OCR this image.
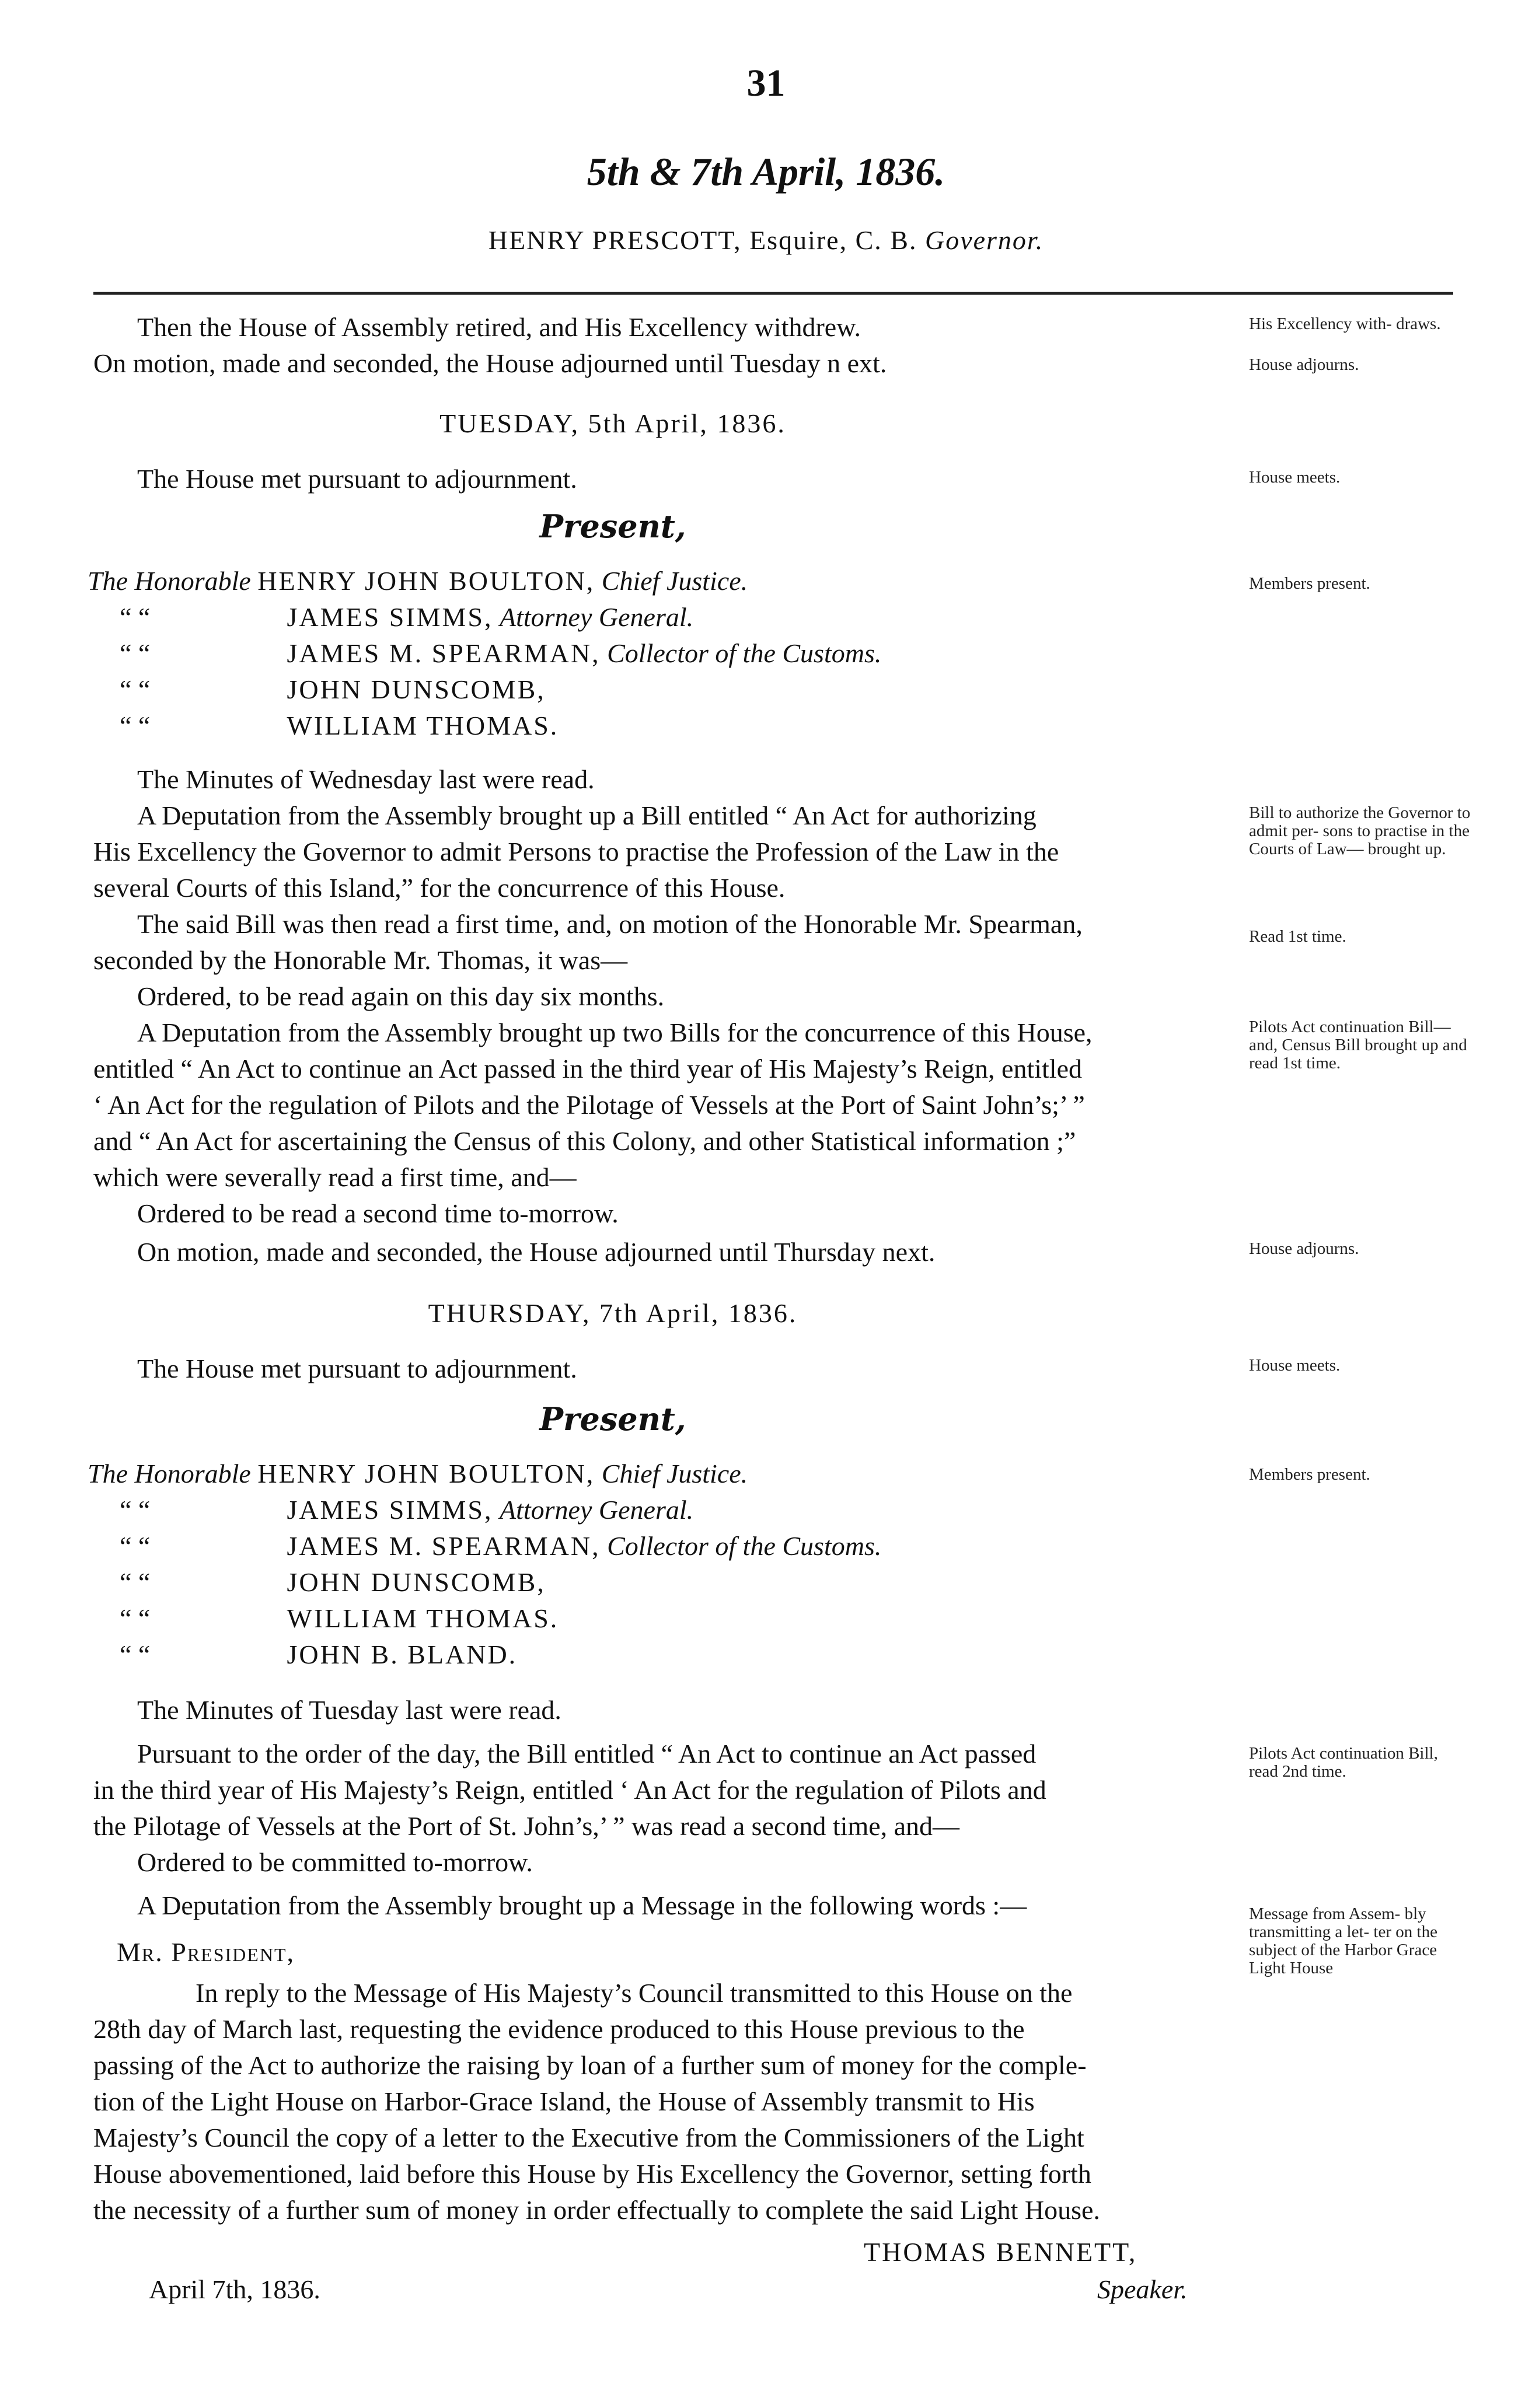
31
5th & 7th April, 1836.
HENRY PRESCOTT, Esquire, C. B. Governor.
Then the House of Assembly retired, and His Excellency withdrew.
On motion, made and seconded, the House adjourned until Tuesday n ext.
TUESDAY, 5th April, 1836.
The House met pursuant to adjournment.
Present,
The Honorable HENRY JOHN BOULTON, Chief Justice.
“ “	JAMES SIMMS, Attorney General.
“ “	JAMES M. SPEARMAN, Collector of the Customs.
“ “	JOHN DUNSCOMB,
“ “	WILLIAM THOMAS.
The Minutes of Wednesday last were read.
A Deputation from the Assembly brought up a Bill entitled “ An Act for authorizing
His Excellency the Governor to admit Persons to practise the Profession of the Law in the
several Courts of this Island,” for the concurrence of this House.
The said Bill was then read a first time, and, on motion of the Honorable Mr. Spearman,
seconded by the Honorable Mr. Thomas, it was—
Ordered, to be read again on this day six months.
A Deputation from the Assembly brought up two Bills for the concurrence of this House,
entitled “ An Act to continue an Act passed in the third year of His Majesty’s Reign, entitled
‘ An Act for the regulation of Pilots and the Pilotage of Vessels at the Port of Saint John’s;’ ”
and “ An Act for ascertaining the Census of this Colony, and other Statistical information ;”
which were severally read a first time, and—
Ordered to be read a second time to-morrow.
On motion, made and seconded, the House adjourned until Thursday next.
THURSDAY, 7th April, 1836.
The House met pursuant to adjournment.
Present,
The Honorable HENRY JOHN BOULTON, Chief Justice.
“ “	JAMES SIMMS, Attorney General.
“ “	JAMES M. SPEARMAN, Collector of the Customs.
“ “	JOHN DUNSCOMB,
“ “	WILLIAM THOMAS.
“ “	JOHN B. BLAND.
The Minutes of Tuesday last were read.
Pursuant to the order of the day, the Bill entitled “ An Act to continue an Act passed
in the third year of His Majesty’s Reign, entitled ‘ An Act for the regulation of Pilots and
the Pilotage of Vessels at the Port of St. John’s,’ ” was read a second time, and—
Ordered to be committed to-morrow.
A Deputation from the Assembly brought up a Message in the following words :—
Mr. President,
In reply to the Message of His Majesty’s Council transmitted to this House on the
28th day of March last, requesting the evidence produced to this House previous to the
passing of the Act to authorize the raising by loan of a further sum of money for the comple-
tion of the Light House on Harbor-Grace Island, the House of Assembly transmit to His
Majesty’s Council the copy of a letter to the Executive from the Commissioners of the Light
House abovementioned, laid before this House by His Excellency the Governor, setting forth
the necessity of a further sum of money in order effectually to complete the said Light House.
THOMAS BENNETT,
Speaker.
April 7th, 1836.
His Excellency with- draws.
House adjourns.
House meets.
Members present.
Bill to authorize the Governor to admit per- sons to practise in the Courts of Law— brought up.
Read 1st time.
Pilots Act continuation Bill—and, Census Bill brought up and read 1st time.
House adjourns.
House meets.
Members present.
Pilots Act continuation Bill, read 2nd time.
Message from Assem- bly transmitting a let- ter on the subject of the Harbor Grace Light House
